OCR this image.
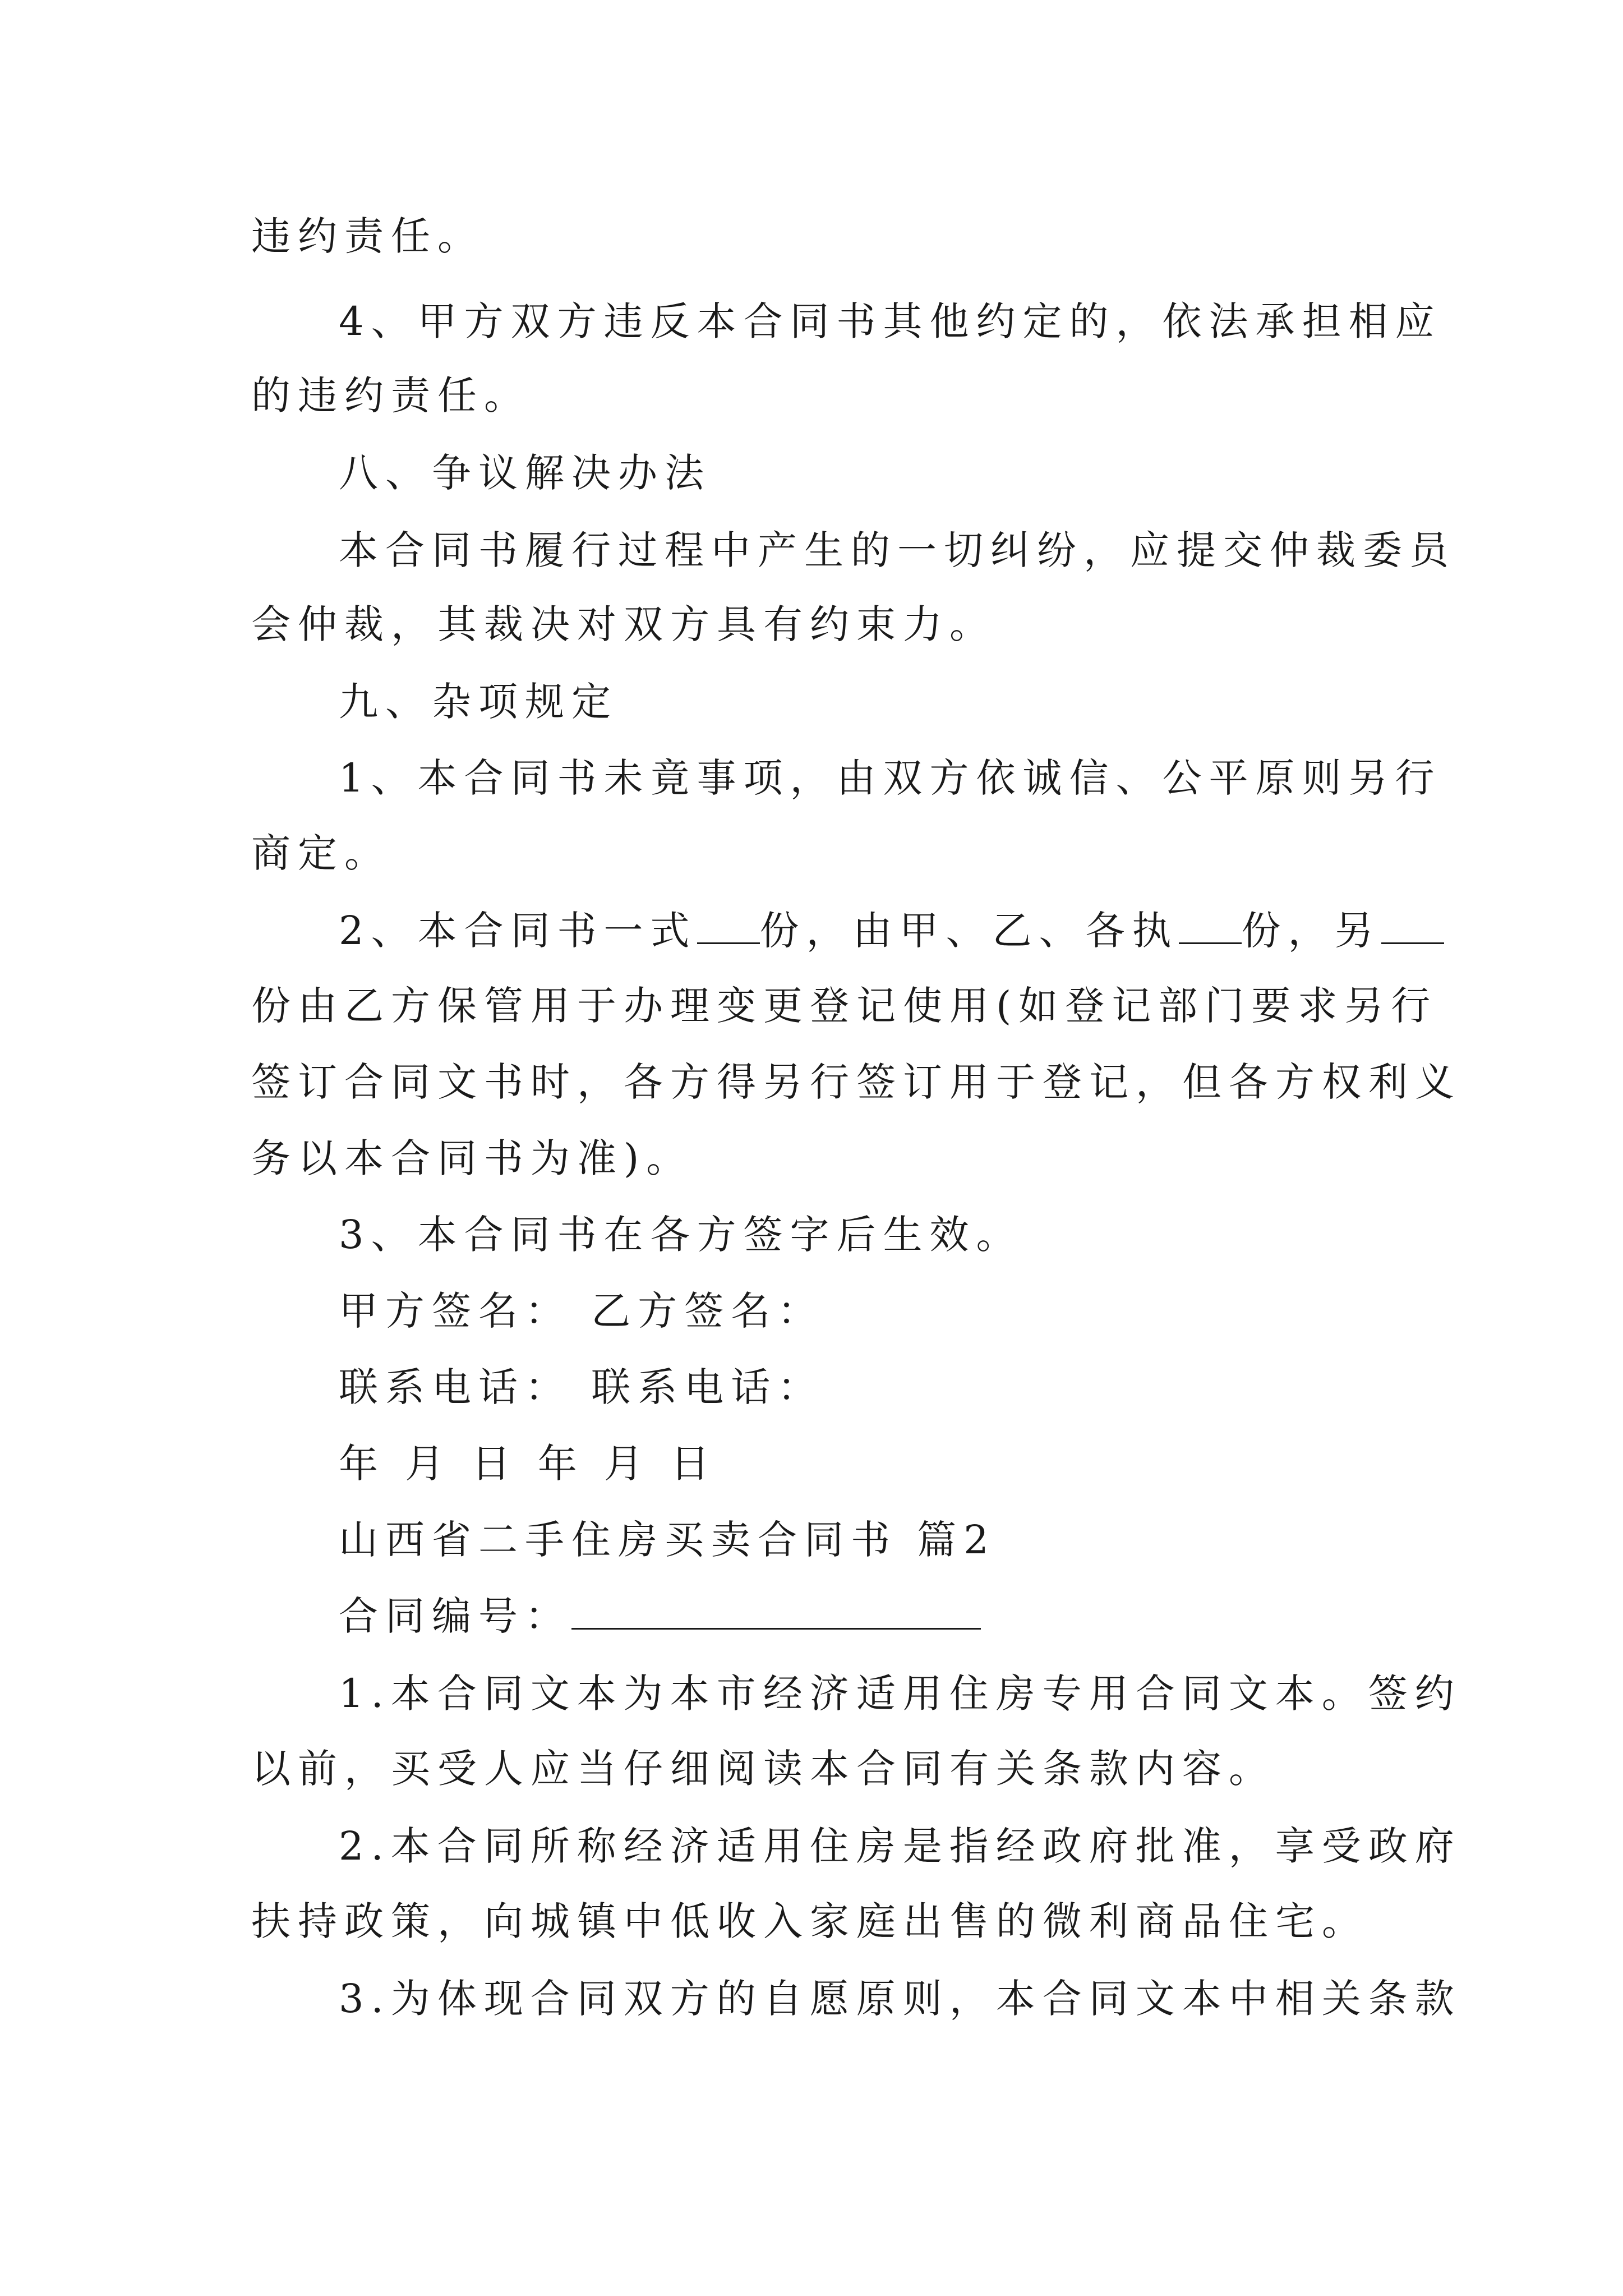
违约责任。
4、甲方双方违反本合同书其他约定的，依法承担相应
的违约责任。
八、争议解决办法
本合同书履行过程中产生的一切纠纷，应提交仲裁委员
会仲裁，其裁决对双方具有约束力。
九、杂项规定
1、本合同书未竟事项，由双方依诚信、公平原则另行
商定。
2、本合同书一式 份，由甲、乙、各执 份，另
份由乙方保管用于办理变更登记使用(如登记部门要求另行
签订合同文书时，各方得另行签订用于登记，但各方权利义
务以本合同书为准)。
3、本合同书在各方签字后生效。
甲方签名： 乙方签名：
联系电话： 联系电话：
年 月 日 年 月 日
山西省二手住房买卖合同书 篇2
合同编号：
1.本合同文本为本市经济适用住房专用合同文本。签约
以前，买受人应当仔细阅读本合同有关条款内容。
2.本合同所称经济适用住房是指经政府批准，享受政府
扶持政策，向城镇中低收入家庭出售的微利商品住宅。
3.为体现合同双方的自愿原则，本合同文本中相关条款
